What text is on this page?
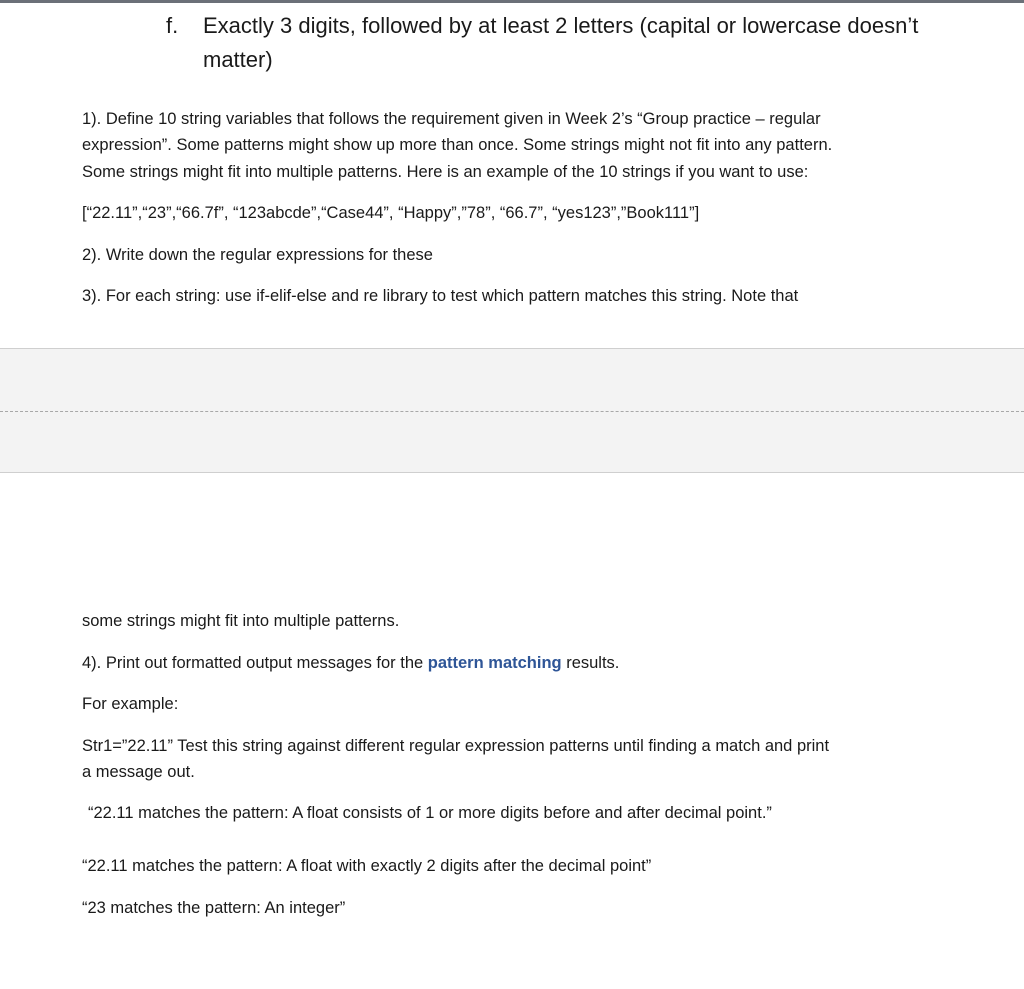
f. Exactly 3 digits, followed by at least 2 letters (capital or lowercase doesn’t matter)
1). Define 10 string variables that follows the requirement given in Week 2’s “Group practice – regular
expression”. Some patterns might show up more than once. Some strings might not fit into any pattern.
Some strings might fit into multiple patterns. Here is an example of the 10 strings if you want to use:
[“22.11”,“23”,“66.7f”, “123abcde”,“Case44”, “Happy”,”78”, “66.7”, “yes123”,”Book111”]
2). Write down the regular expressions for these
3). For each string: use if-elif-else and re library to test which pattern matches this string. Note that
some strings might fit into multiple patterns.
4). Print out formatted output messages for the pattern matching results.
For example:
Str1=”22.11” Test this string against different regular expression patterns until finding a match and print
a message out.
“22.11 matches the pattern: A float consists of 1 or more digits before and after decimal point.”
“22.11 matches the pattern: A float with exactly 2 digits after the decimal point”
“23 matches the pattern: An integer”
